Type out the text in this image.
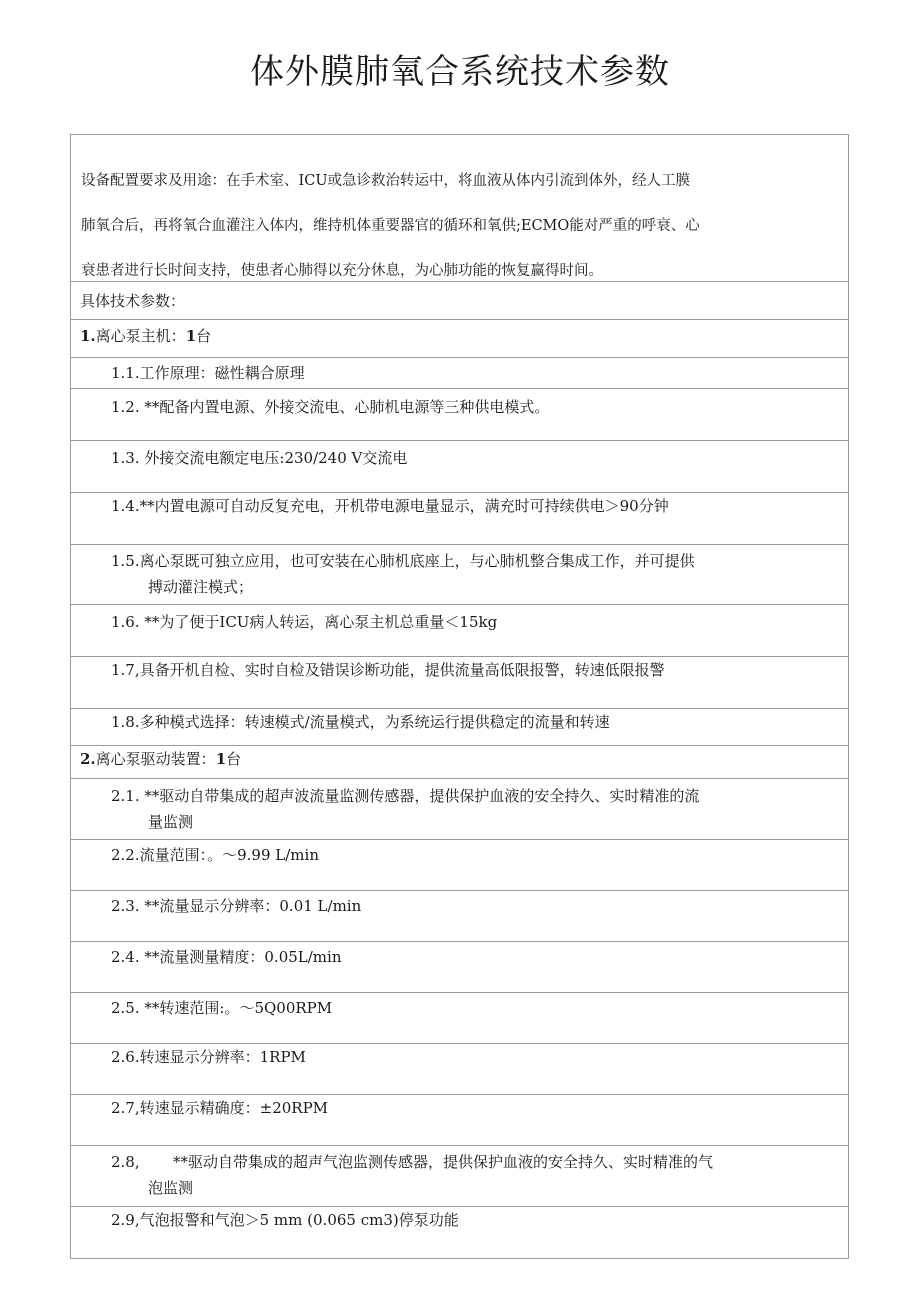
体外膜肺氧合系统技术参数

设备配置要求及用途：在手术室、ICU或急诊救治转运中，将血液从体内引流到体外，经人工膜

肺氧合后，再将氧合血灌注入体内，维持机体重要器官的循环和氧供;ECMO能对严重的呼衰、心

衰患者进行长时间支持，使患者心肺得以充分休息，为心肺功能的恢复赢得时间。

具体技术参数：
1.离心泵主机：1台
1.1.工作原理：磁性耦合原理
1.2. **配备内置电源、外接交流电、心肺机电源等三种供电模式。
1.3. 外接交流电额定电压:230/240 V交流电
1.4.**内置电源可自动反复充电，开机带电源电量显示，满充时可持续供电＞90分钟
1.5.离心泵既可独立应用，也可安装在心肺机底座上，与心肺机整合集成工作，并可提供
搏动灌注模式；
1.6. **为了便于ICU病人转运，离心泵主机总重量＜15kg
1.7,具备开机自检、实时自检及错误诊断功能，提供流量高低限报警，转速低限报警
1.8.多种模式选择：转速模式/流量模式，为系统运行提供稳定的流量和转速
2.离心泵驱动装置：1台
2.1. **驱动自带集成的超声波流量监测传感器，提供保护血液的安全持久、实时精准的流
量监测
2.2.流量范围：。〜9.99 L/min
2.3. **流量显示分辨率：0.01 L/min
2.4. **流量测量精度：0.05L/min
2.5. **转速范围:。〜5Q00RPM
2.6.转速显示分辨率：1RPM
2.7,转速显示精确度：±20RPM
2.8,       **驱动自带集成的超声气泡监测传感器，提供保护血液的安全持久、实时精准的气
泡监测
2.9,气泡报警和气泡＞5 mm (0.065 cm3)停泵功能
